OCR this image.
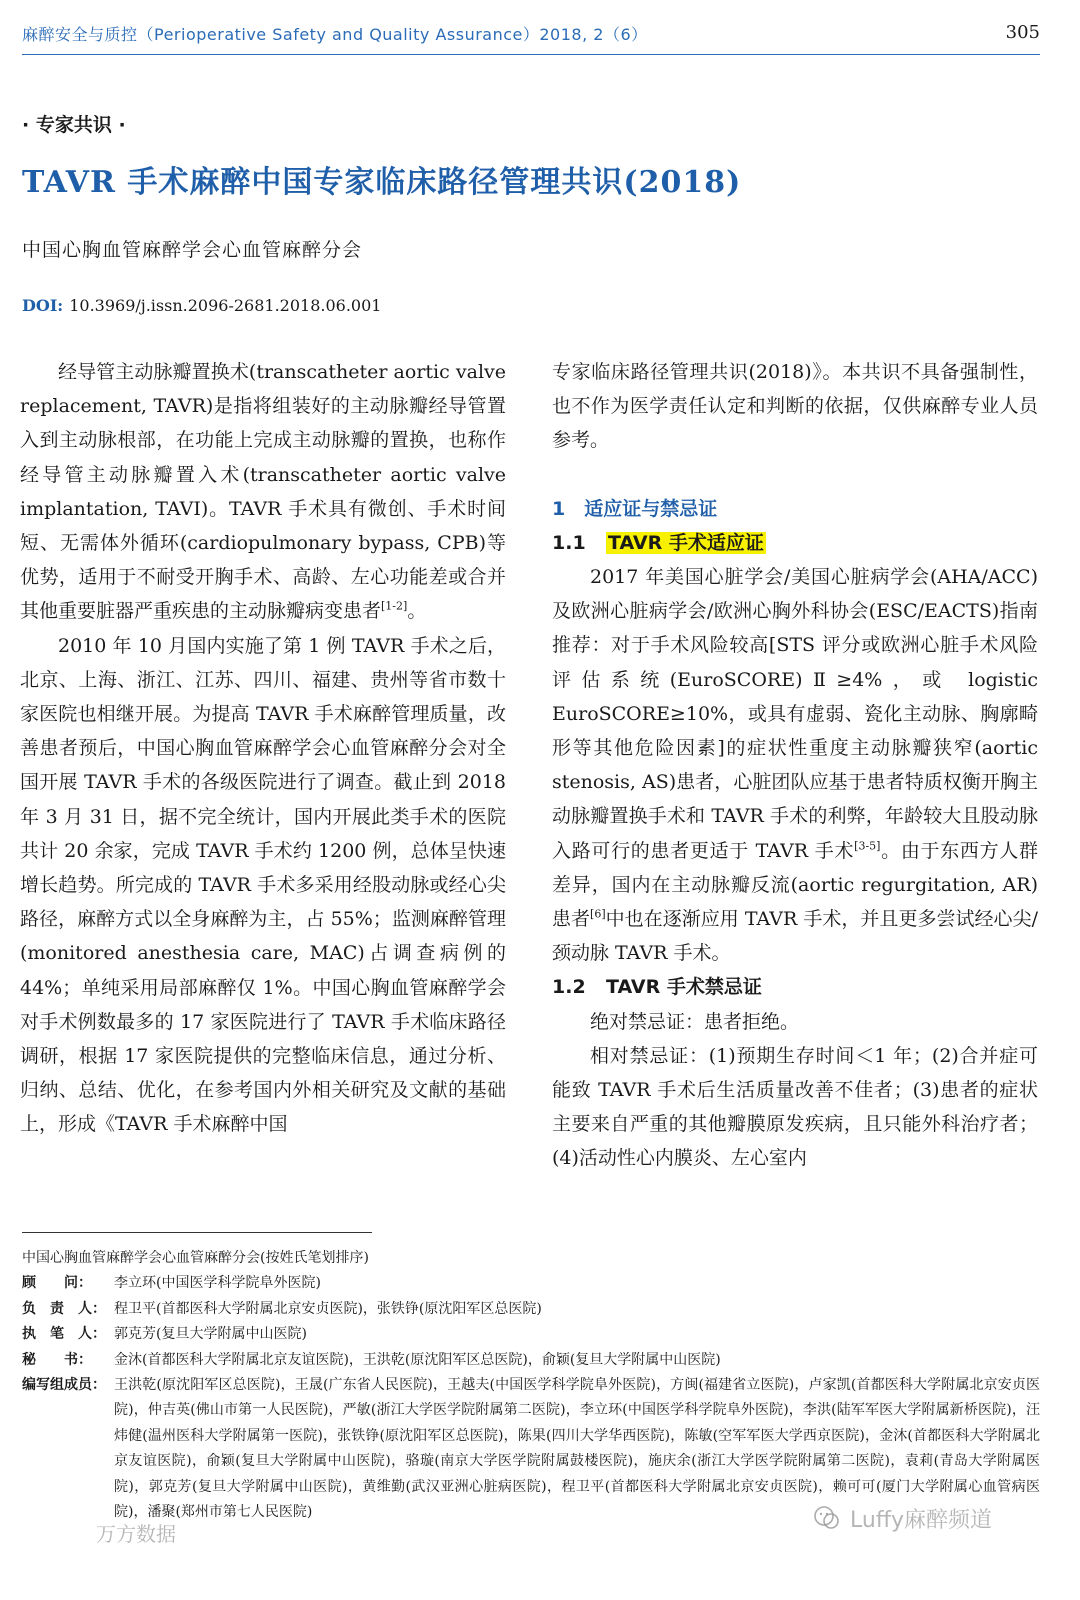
麻醉安全与质控（Perioperative Safety and Quality Assurance）2018, 2（6）	305
· 专家共识 ·
TAVR 手术麻醉中国专家临床路径管理共识(2018)
中国心胸血管麻醉学会心血管麻醉分会
DOI: 10.3969/j.issn.2096-2681.2018.06.001

经导管主动脉瓣置换术(transcatheter aortic valve replacement, TAVR)是指将组装好的主动脉瓣经导管置入到主动脉根部，在功能上完成主动脉瓣的置换，也称作经导管主动脉瓣置入术(transcatheter aortic valve implantation, TAVI)。TAVR 手术具有微创、手术时间短、无需体外循环(cardiopulmonary bypass, CPB)等优势，适用于不耐受开胸手术、高龄、左心功能差或合并其他重要脏器严重疾患的主动脉瓣病变患者[1-2]。

2010 年 10 月国内实施了第 1 例 TAVR 手术之后，北京、上海、浙江、江苏、四川、福建、贵州等省市数十家医院也相继开展。为提高 TAVR 手术麻醉管理质量，改善患者预后，中国心胸血管麻醉学会心血管麻醉分会对全国开展 TAVR 手术的各级医院进行了调查。截止到 2018 年 3 月 31 日，据不完全统计，国内开展此类手术的医院共计 20 余家，完成 TAVR 手术约 1200 例，总体呈快速增长趋势。所完成的 TAVR 手术多采用经股动脉或经心尖路径，麻醉方式以全身麻醉为主，占 55%；监测麻醉管理(monitored anesthesia care, MAC)占调查病例的 44%；单纯采用局部麻醉仅 1%。中国心胸血管麻醉学会对手术例数最多的 17 家医院进行了 TAVR 手术临床路径调研，根据 17 家医院提供的完整临床信息，通过分析、归纳、总结、优化，在参考国内外相关研究及文献的基础上，形成《TAVR 手术麻醉中国

专家临床路径管理共识(2018)》。本共识不具备强制性，也不作为医学责任认定和判断的依据，仅供麻醉专业人员参考。

1　适应证与禁忌证
1.1 TAVR 手术适应证

2017 年美国心脏学会/美国心脏病学会(AHA/ACC)及欧洲心脏病学会/欧洲心胸外科协会(ESC/EACTS)指南推荐：对于手术风险较高[STS 评分或欧洲心脏手术风险评估系统(EuroSCORE)Ⅱ≥4%，或 logistic EuroSCORE≥10%，或具有虚弱、瓷化主动脉、胸廓畸形等其他危险因素]的症状性重度主动脉瓣狭窄(aortic stenosis, AS)患者，心脏团队应基于患者特质权衡开胸主动脉瓣置换手术和 TAVR 手术的利弊，年龄较大且股动脉入路可行的患者更适于 TAVR 手术[3-5]。由于东西方人群差异，国内在主动脉瓣反流(aortic regurgitation, AR)患者[6]中也在逐渐应用 TAVR 手术，并且更多尝试经心尖/颈动脉 TAVR 手术。

1.2 TAVR 手术禁忌证

绝对禁忌证：患者拒绝。

相对禁忌证：(1)预期生存时间＜1 年；(2)合并症可能致 TAVR 手术后生活质量改善不佳者；(3)患者的症状主要来自严重的其他瓣膜原发疾病，且只能外科治疗者；(4)活动性心内膜炎、左心室内

中国心胸血管麻醉学会心血管麻醉分会(按姓氏笔划排序)
顾　　问：	李立环(中国医学科学院阜外医院)
负　责　人： 程卫平(首都医科大学附属北京安贞医院)，张铁铮(原沈阳军区总医院)
执　笔　人： 郭克芳(复旦大学附属中山医院)
秘　　书：	金沐(首都医科大学附属北京友谊医院)，王洪乾(原沈阳军区总医院)，俞颖(复旦大学附属中山医院)
编写组成员： 王洪乾(原沈阳军区总医院)，王晟(广东省人民医院)，王越夫(中国医学科学院阜外医院)，方闽(福建省立医院)，卢家凯(首都医科大学附属北京安贞医院)，仲吉英(佛山市第一人民医院)，严敏(浙江大学医学院附属第二医院)，李立环(中国医学科学院阜外医院)，李洪(陆军军医大学附属新桥医院)，汪炜健(温州医科大学附属第一医院)，张铁铮(原沈阳军区总医院)，陈果(四川大学华西医院)，陈敏(空军军医大学西京医院)，金沐(首都医科大学附属北京友谊医院)，俞颖(复旦大学附属中山医院)，骆璇(南京大学医学院附属鼓楼医院)，施庆余(浙江大学医学院附属第二医院)，袁莉(青岛大学附属医院)，郭克芳(复旦大学附属中山医院)，黄维勤(武汉亚洲心脏病医院)，程卫平(首都医科大学附属北京安贞医院)，赖可可(厦门大学附属心血管病医院)，潘聚(郑州市第七人民医院)
万方数据
Luffy麻醉频道
